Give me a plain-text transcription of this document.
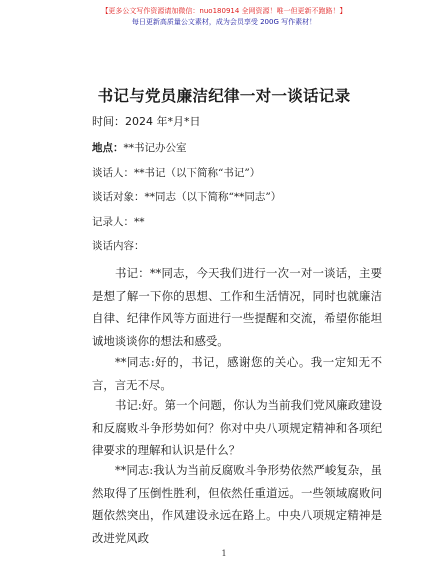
【更多公文写作资源请加微信：nuo180914 全网资源！唯一但更新不跑路！】
每日更新高质量公文素材，成为会员享受 200G 写作素材！
书记与党员廉洁纪律一对一谈话记录
时间：2024 年*月*日
地点：**书记办公室
谈话人：**书记（以下简称“书记”）
谈话对象：**同志（以下简称“**同志”）
记录人：**
谈话内容：

书记：**同志，今天我们进行一次一对一谈话，主要是想了解一下你的思想、工作和生活情况，同时也就廉洁自律、纪律作风等方面进行一些提醒和交流，希望你能坦诚地谈谈你的想法和感受。

**同志:好的，书记，感谢您的关心。我一定知无不言，言无不尽。

书记:好。第一个问题，你认为当前我们党风廉政建设和反腐败斗争形势如何？你对中央八项规定精神和各项纪律要求的理解和认识是什么？

**同志:我认为当前反腐败斗争形势依然严峻复杂，虽然取得了压倒性胜利，但依然任重道远。一些领域腐败问题依然突出，作风建设永远在路上。中央八项规定精神是改进党风政

1
